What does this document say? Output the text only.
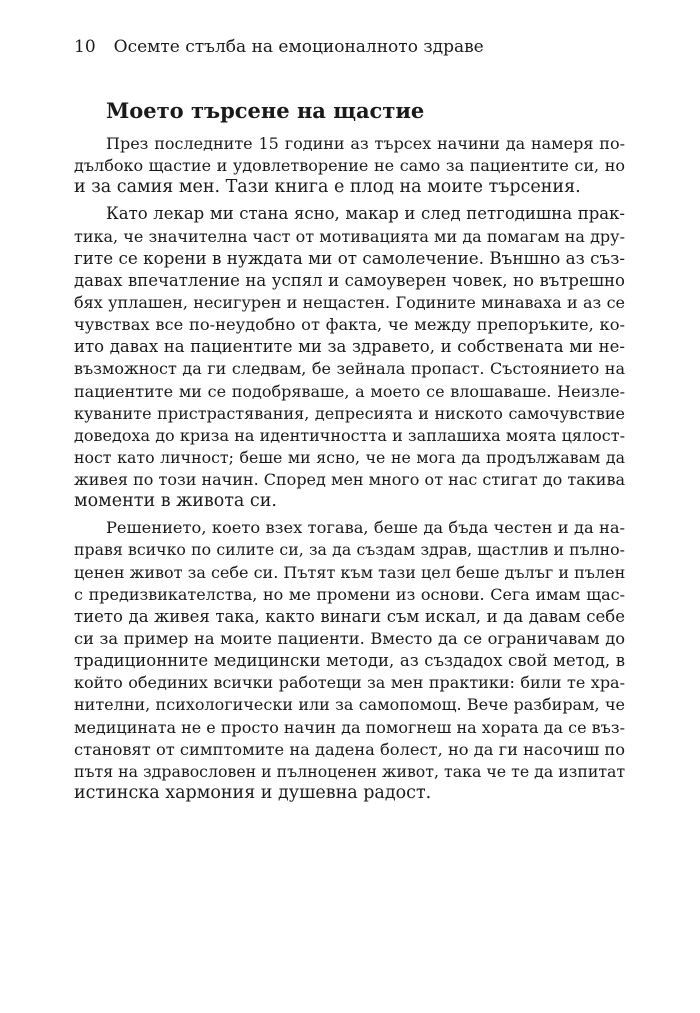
10 Осемте стълба на емоционалното здраве
Моето търсене на щастие
През последните 15 години аз търсех начини да намеря по-
дълбоко щастие и удовлетворение не само за пациентите си, но
и за самия мен. Тази книга е плод на моите търсения.
Като лекар ми стана ясно, макар и след петгодишна прак-
тика, че значителна част от мотивацията ми да помагам на дру-
гите се корени в нуждата ми от самолечение. Външно аз съз-
давах впечатление на успял и самоуверен човек, но вътрешно
бях уплашен, несигурен и нещастен. Годините минаваха и аз се
чувствах все по-неудобно от факта, че между препоръките, ко-
ито давах на пациентите ми за здравето, и собствената ми не-
възможност да ги следвам, бе зейнала пропаст. Състоянието на
пациентите ми се подобряваше, а моето се влошаваше. Неизле-
куваните пристрастявания, депресията и ниското самочувствие
доведоха до криза на идентичността и заплашиха моята цялост-
ност като личност; беше ми ясно, че не мога да продължавам да
живея по този начин. Според мен много от нас стигат до такива
моменти в живота си.
Решението, което взех тогава, беше да бъда честен и да на-
правя всичко по силите си, за да създам здрав, щастлив и пълно-
ценен живот за себе си. Пътят към тази цел беше дълъг и пълен
с предизвикателства, но ме промени из основи. Сега имам щас-
тието да живея така, както винаги съм искал, и да давам себе
си за пример на моите пациенти. Вместо да се ограничавам до
традиционните медицински методи, аз създадох свой метод, в
който обединих всички работещи за мен практики: били те хра-
нителни, психологически или за самопомощ. Вече разбирам, че
медицината не е просто начин да помогнеш на хората да се въз-
становят от симптомите на дадена болест, но да ги насочиш по
пътя на здравословен и пълноценен живот, така че те да изпитат
истинска хармония и душевна радост.
